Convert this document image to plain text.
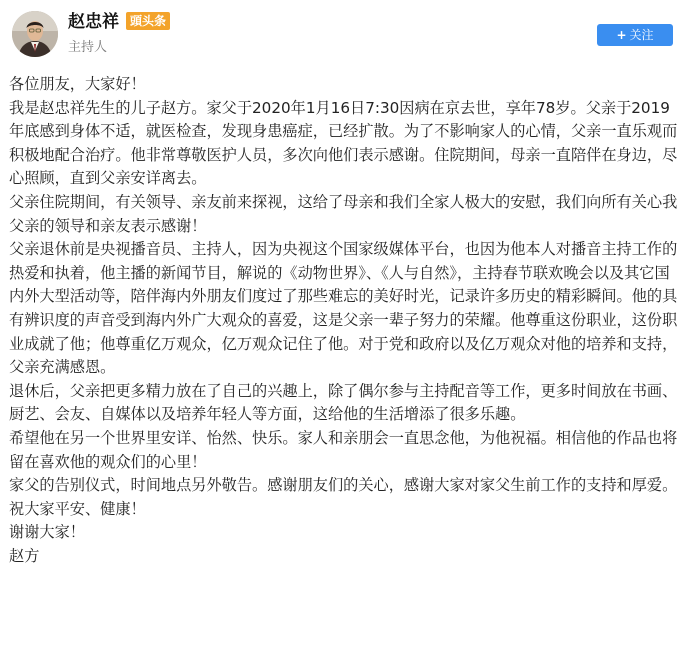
赵忠祥 頭头条
主持人
+ 关注

各位朋友，大家好！

我是赵忠祥先生的儿子赵方。家父于2020年1月16日7:30因病在京去世，享年78岁。父亲于2019年底感到身体不适，就医检查，发现身患癌症，已经扩散。为了不影响家人的心情，父亲一直乐观而积极地配合治疗。他非常尊敬医护人员，多次向他们表示感谢。住院期间，母亲一直陪伴在身边，尽心照顾，直到父亲安详离去。

父亲住院期间，有关领导、亲友前来探视，这给了母亲和我们全家人极大的安慰，我们向所有关心我父亲的领导和亲友表示感谢！

父亲退休前是央视播音员、主持人，因为央视这个国家级媒体平台，也因为他本人对播音主持工作的热爱和执着，他主播的新闻节目，解说的《动物世界》、《人与自然》，主持春节联欢晚会以及其它国内外大型活动等，陪伴海内外朋友们度过了那些难忘的美好时光，记录许多历史的精彩瞬间。他的具有辨识度的声音受到海内外广大观众的喜爱，这是父亲一辈子努力的荣耀。他尊重这份职业，这份职业成就了他；他尊重亿万观众，亿万观众记住了他。对于党和政府以及亿万观众对他的培养和支持，父亲充满感恩。

退休后，父亲把更多精力放在了自己的兴趣上，除了偶尔参与主持配音等工作，更多时间放在书画、厨艺、会友、自媒体以及培养年轻人等方面，这给他的生活增添了很多乐趣。

希望他在另一个世界里安详、怡然、快乐。家人和亲朋会一直思念他，为他祝福。相信他的作品也将留在喜欢他的观众们的心里！

家父的告别仪式，时间地点另外敬告。感谢朋友们的关心，感谢大家对家父生前工作的支持和厚爱。祝大家平安、健康！

谢谢大家！

赵方
